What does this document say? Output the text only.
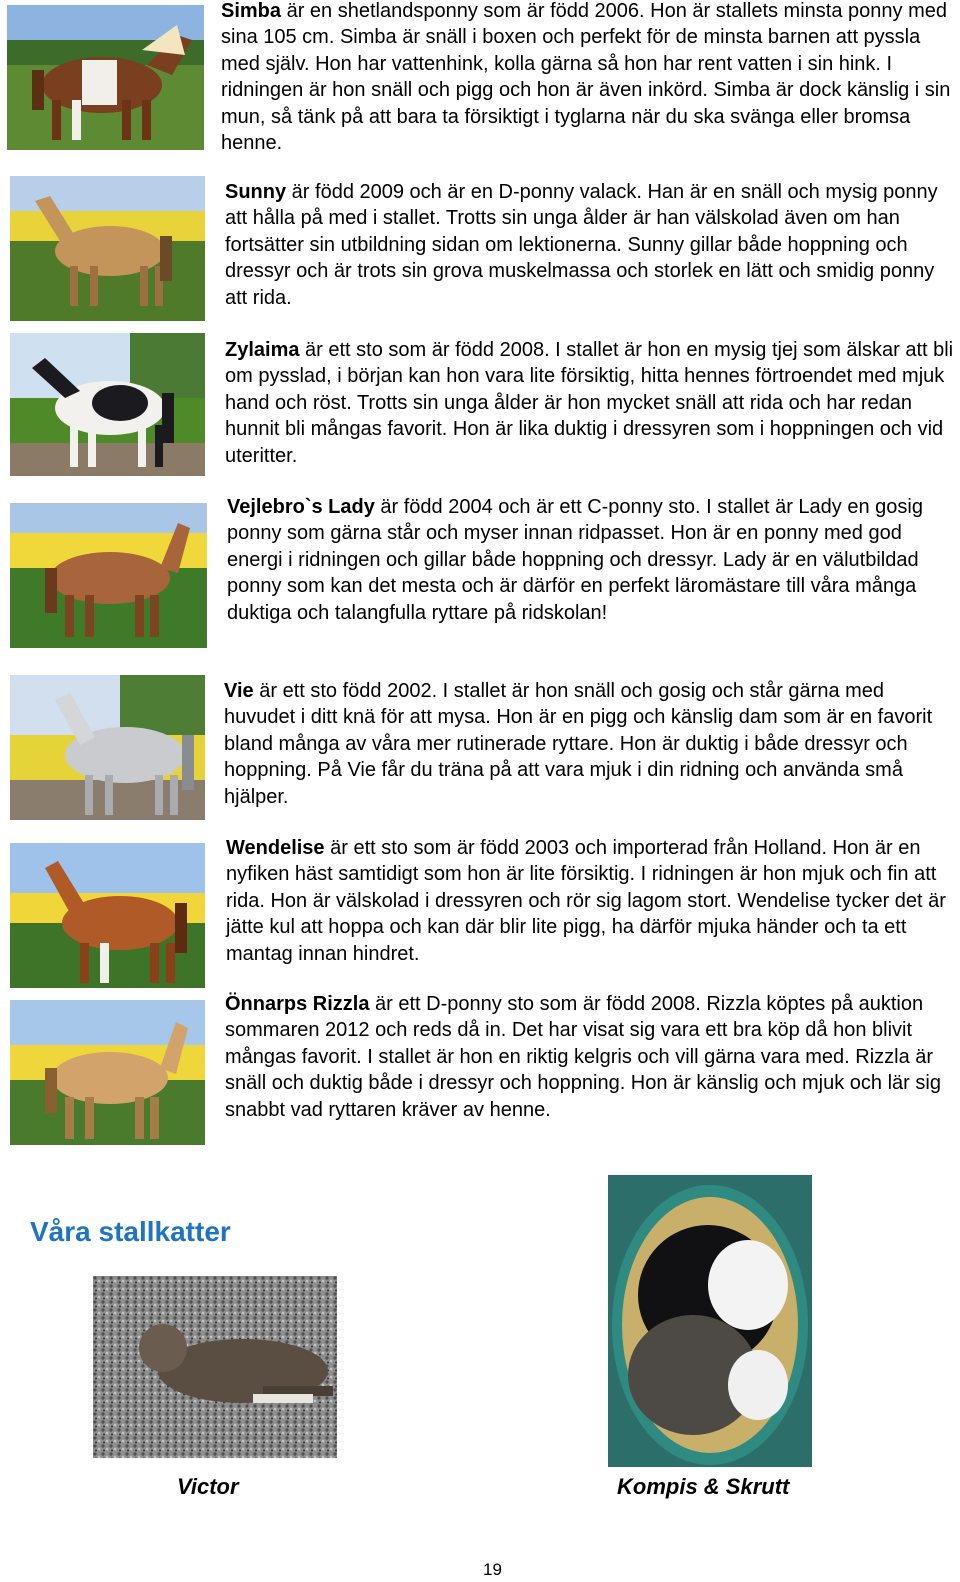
Simba är en shetlandsponny som är född 2006. Hon är stallets minsta ponny med sina 105 cm. Simba är snäll i boxen och perfekt för de minsta barnen att pyssla med själv. Hon har vattenhink, kolla gärna så hon har rent vatten i sin hink. I ridningen är hon snäll och pigg och hon är även inkörd. Simba är dock känslig i sin mun, så tänk på att bara ta försiktigt i tyglarna när du ska svänga eller bromsa henne.

Sunny är född 2009 och är en D-ponny valack. Han är en snäll och mysig ponny att hålla på med i stallet. Trotts sin unga ålder är han välskolad även om han fortsätter sin utbildning sidan om lektionerna. Sunny gillar både hoppning och dressyr och är trots sin grova muskelmassa och storlek en lätt och smidig ponny att rida.

Zylaima är ett sto som är född 2008. I stallet är hon en mysig tjej som älskar att bli om pysslad, i början kan hon vara lite försiktig, hitta hennes förtroendet med mjuk hand och röst. Trotts sin unga ålder är hon mycket snäll att rida och har redan hunnit bli mångas favorit. Hon är lika duktig i dressyren som i hoppningen och vid uteritter.

Vejlebro`s Lady är född 2004 och är ett C-ponny sto. I stallet är Lady en gosig ponny som gärna står och myser innan ridpasset. Hon är en ponny med god energi i ridningen och gillar både hoppning och dressyr. Lady är en välutbildad ponny som kan det mesta och är därför en perfekt läromästare till våra många duktiga och talangfulla ryttare på ridskolan!

Vie är ett sto född 2002. I stallet är hon snäll och gosig och står gärna med huvudet i ditt knä för att mysa. Hon är en pigg och känslig dam som är en favorit bland många av våra mer rutinerade ryttare. Hon är duktig i både dressyr och hoppning. På Vie får du träna på att vara mjuk i din ridning och använda små hjälper.

Wendelise är ett sto som är född 2003 och importerad från Holland. Hon är en nyfiken häst samtidigt som hon är lite försiktig. I ridningen är hon mjuk och fin att rida. Hon är välskolad i dressyren och rör sig lagom stort. Wendelise tycker det är jätte kul att hoppa och kan där blir lite pigg, ha därför mjuka händer och ta ett mantag innan hindret.

Önnarps Rizzla är ett D-ponny sto som är född 2008. Rizzla köptes på auktion sommaren 2012 och reds då in. Det har visat sig vara ett bra köp då hon blivit mångas favorit. I stallet är hon en riktig kelgris och vill gärna vara med. Rizzla är snäll och duktig både i dressyr och hoppning. Hon är känslig och mjuk och lär sig snabbt vad ryttaren kräver av henne.

Våra stallkatter

Victor	Kompis & Skrutt

19
